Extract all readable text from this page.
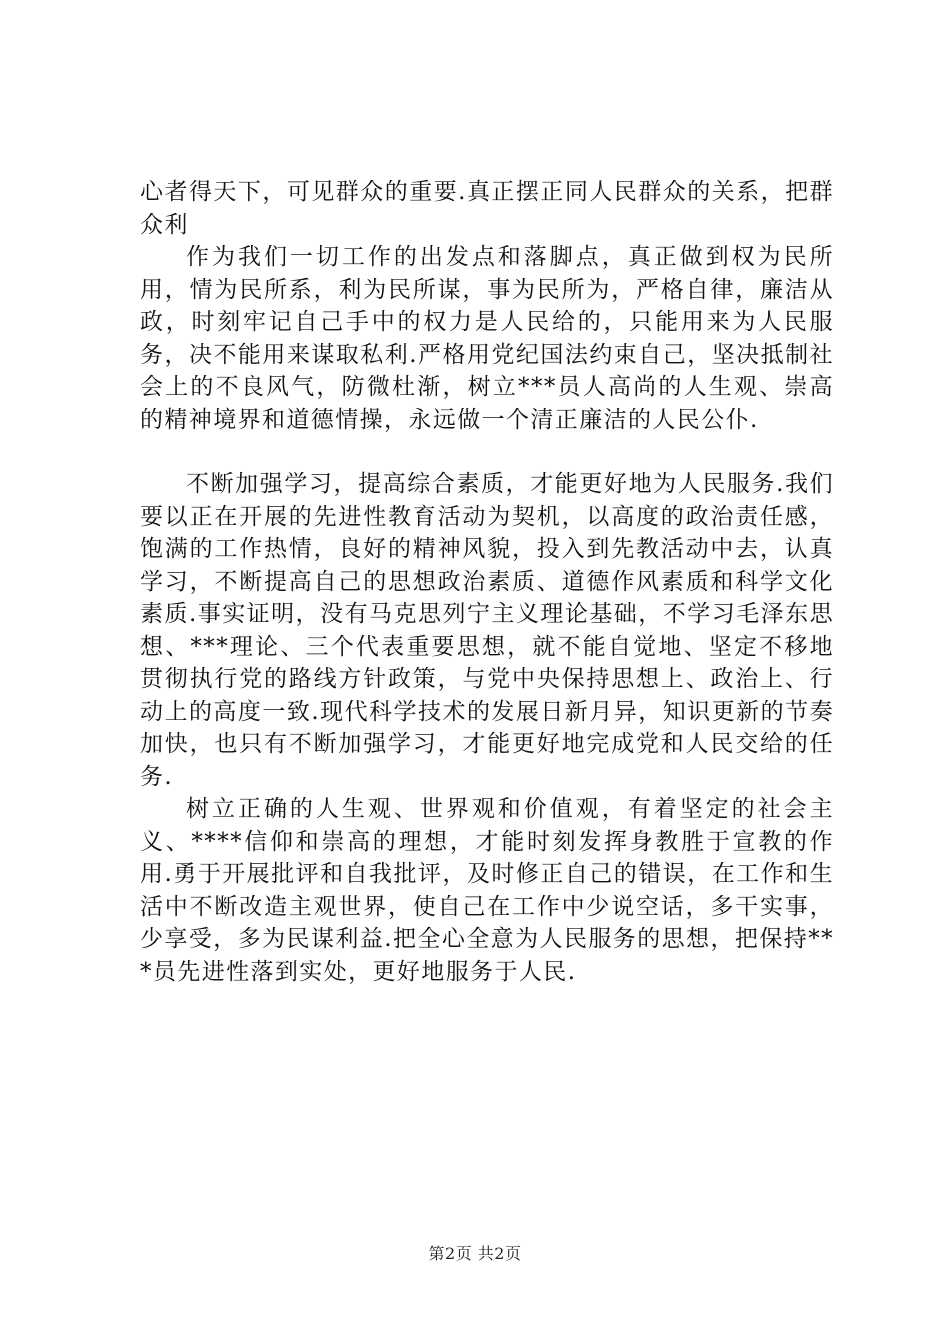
心者得天下，可见群众的重要.真正摆正同人民群众的关系，把群众利

作为我们一切工作的出发点和落脚点，真正做到权为民所用，情为民所系，利为民所谋，事为民所为，严格自律，廉洁从政，时刻牢记自己手中的权力是人民给的，只能用来为人民服务，决不能用来谋取私利.严格用党纪国法约束自己，坚决抵制社会上的不良风气，防微杜渐，树立***员人高尚的人生观、崇高的精神境界和道德情操，永远做一个清正廉洁的人民公仆.

不断加强学习，提高综合素质，才能更好地为人民服务.我们要以正在开展的先进性教育活动为契机，以高度的政治责任感，饱满的工作热情，良好的精神风貌，投入到先教活动中去，认真学习，不断提高自己的思想政治素质、道德作风素质和科学文化素质.事实证明，没有马克思列宁主义理论基础，不学习毛泽东思想、***理论、三个代表重要思想，就不能自觉地、坚定不移地贯彻执行党的路线方针政策，与党中央保持思想上、政治上、行动上的高度一致.现代科学技术的发展日新月异，知识更新的节奏加快，也只有不断加强学习，才能更好地完成党和人民交给的任务.

树立正确的人生观、世界观和价值观，有着坚定的社会主义、****信仰和崇高的理想，才能时刻发挥身教胜于宣教的作用.勇于开展批评和自我批评，及时修正自己的错误，在工作和生活中不断改造主观世界，使自己在工作中少说空话，多干实事，少享受，多为民谋利益.把全心全意为人民服务的思想，把保持***员先进性落到实处，更好地服务于人民.

第2页 共2页
